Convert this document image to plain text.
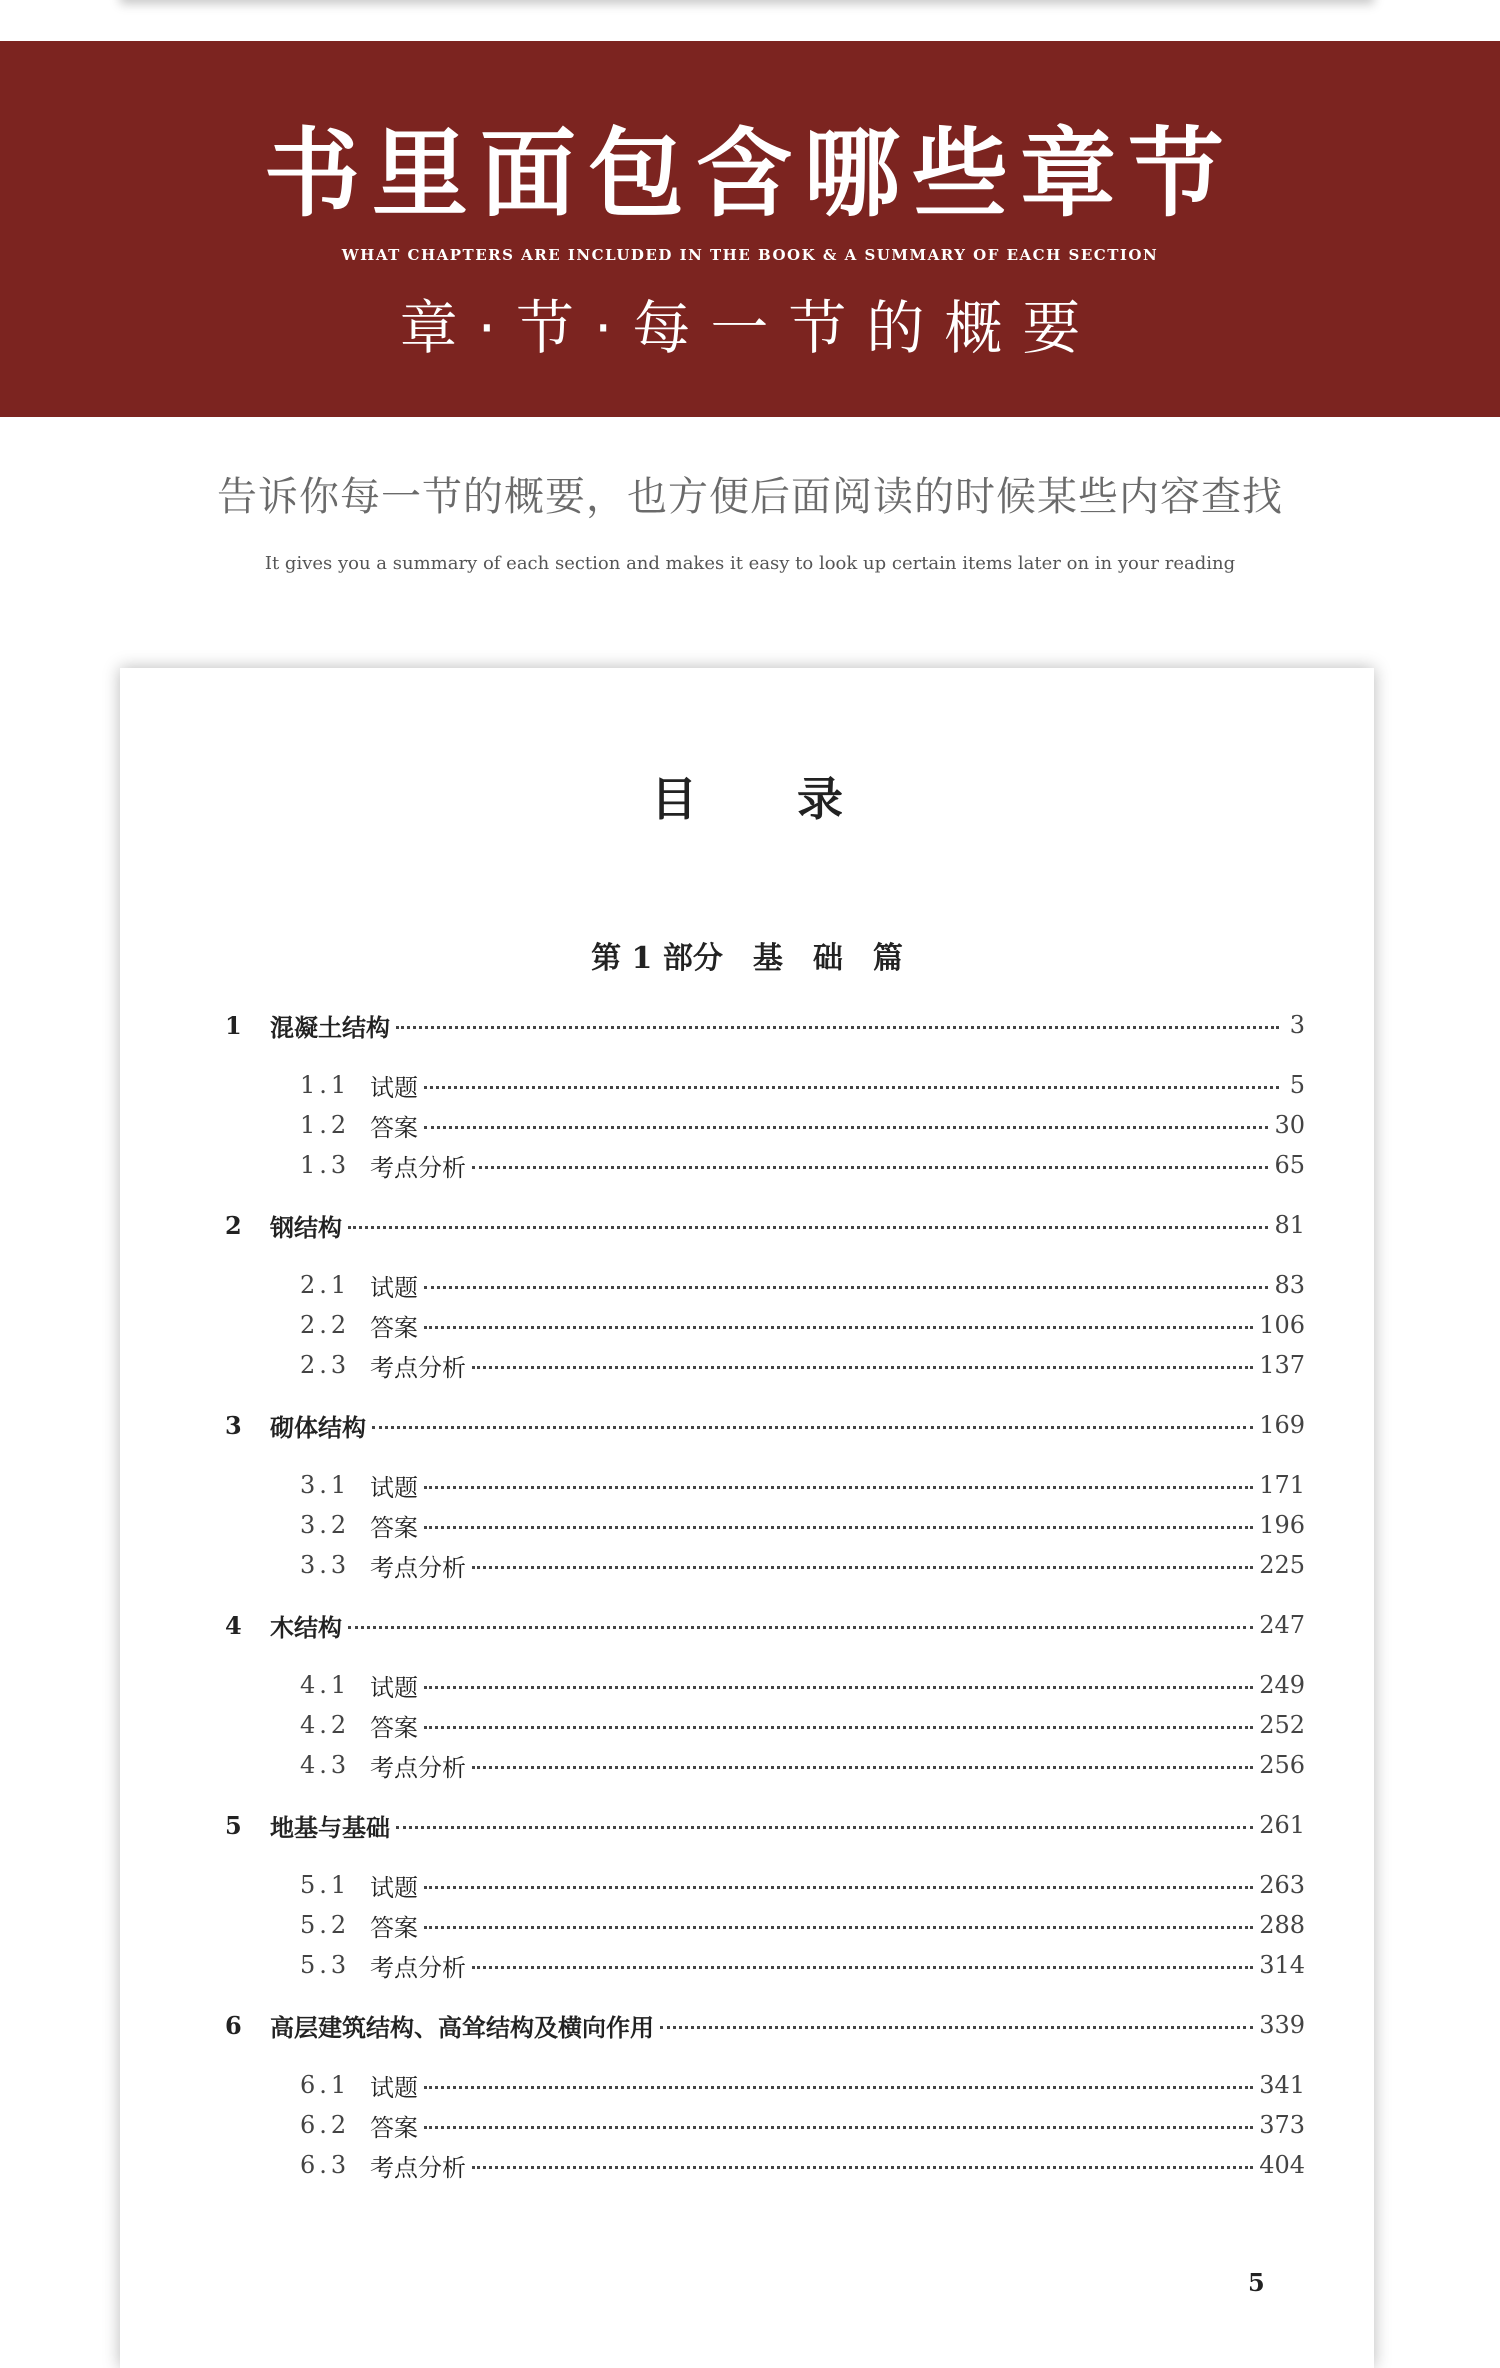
书里面包含哪些章节
WHAT CHAPTERS ARE INCLUDED IN THE BOOK & A SUMMARY OF EACH SECTION
章·节·每一节的概要
告诉你每一节的概要，也方便后面阅读的时候某些内容查找
It gives you a summary of each section and makes it easy to look up certain items later on in your reading
目录
第 1 部分　基　础　篇
1	混凝土结构	3
1.1 试题	5
1.2 答案	30
1.3 考点分析	65
2	钢结构	81
2.1 试题	83
2.2 答案	106
2.3 考点分析	137
3	砌体结构	169
3.1 试题	171
3.2 答案	196
3.3 考点分析	225
4	木结构	247
4.1 试题	249
4.2 答案	252
4.3 考点分析	256
5	地基与基础	261
5.1 试题	263
5.2 答案	288
5.3 考点分析	314
6	高层建筑结构、高耸结构及横向作用	339
6.1 试题	341
6.2 答案	373
6.3 考点分析	404
5
